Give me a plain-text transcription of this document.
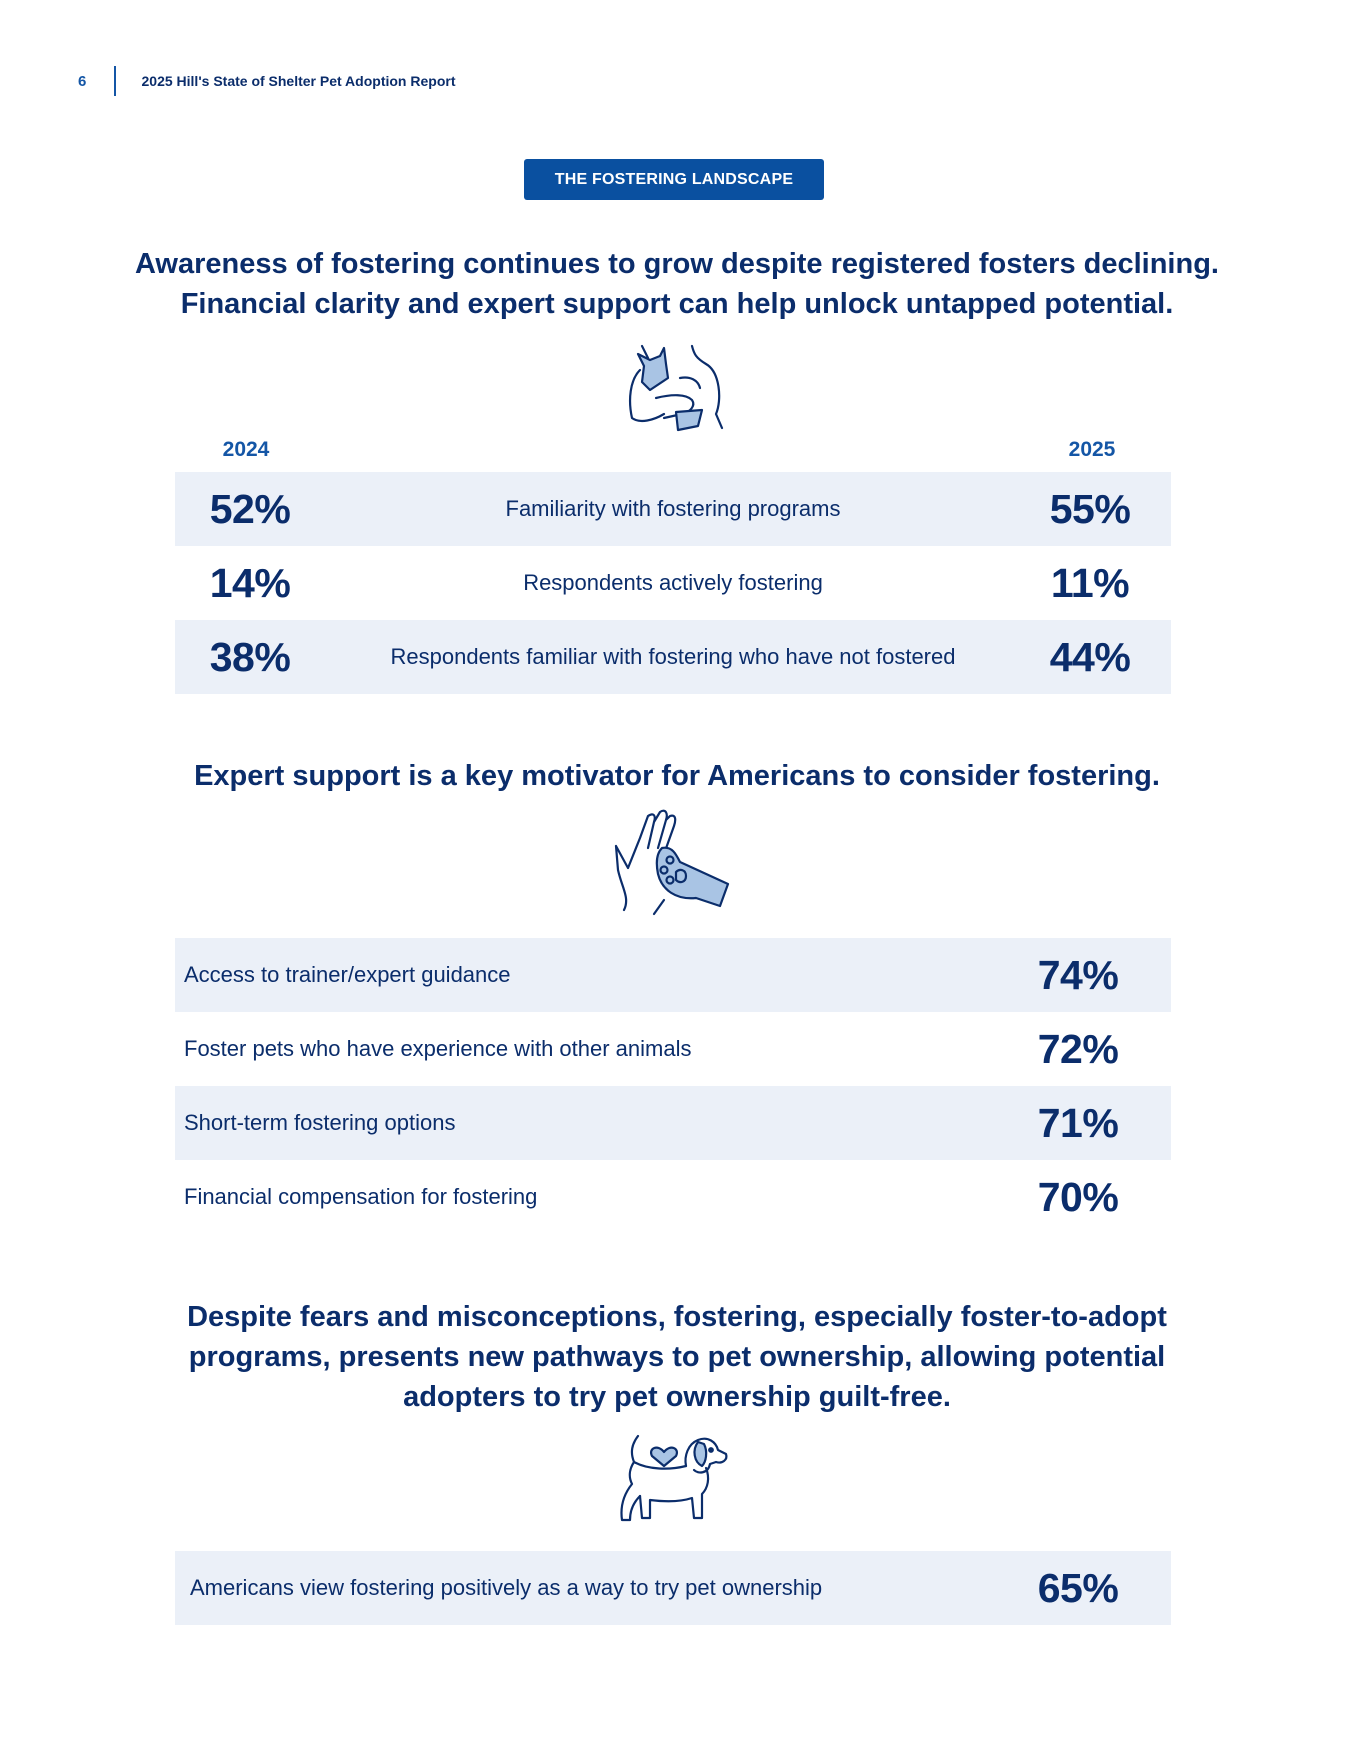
6	2025 Hill's State of Shelter Pet Adoption Report
THE FOSTERING LANDSCAPE
Awareness of fostering continues to grow despite registered fosters declining.
Financial clarity and expert support can help unlock untapped potential.
2024	2025
52%	Familiarity with fostering programs	55%
14%	Respondents actively fostering	11%
38%	Respondents familiar with fostering who have not fostered	44%
Expert support is a key motivator for Americans to consider fostering.
Access to trainer/expert guidance	74%
Foster pets who have experience with other animals	72%
Short-term fostering options	71%
Financial compensation for fostering	70%
Despite fears and misconceptions, fostering, especially foster-to-adopt
programs, presents new pathways to pet ownership, allowing potential
adopters to try pet ownership guilt-free.
Americans view fostering positively as a way to try pet ownership	65%
